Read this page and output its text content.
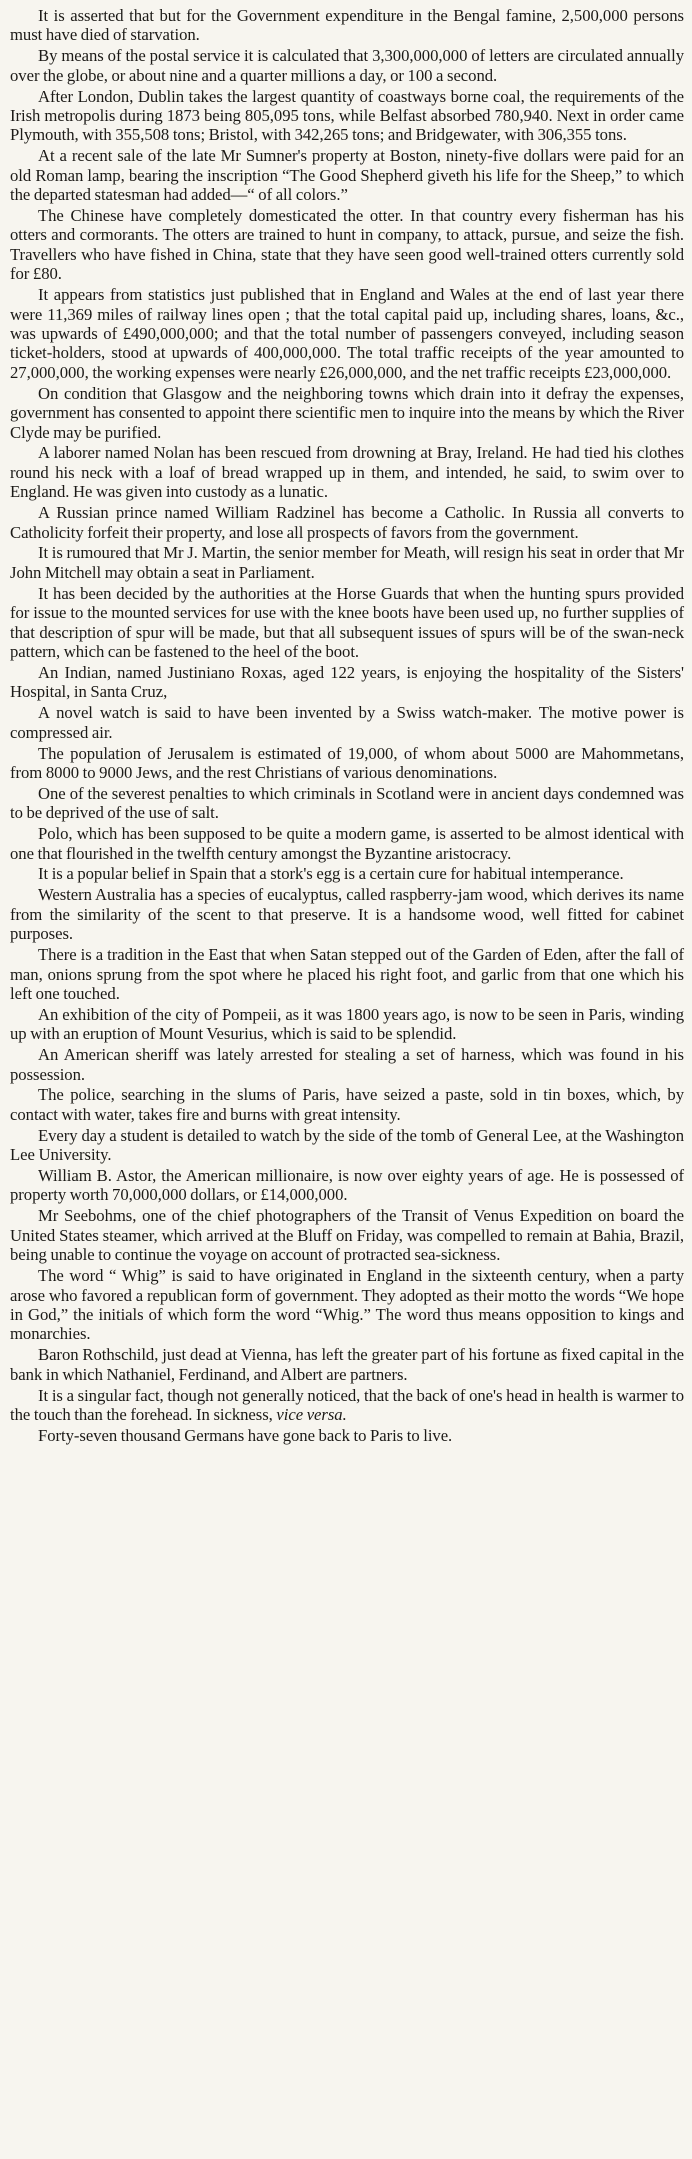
It is asserted that but for the Government expenditure in the Bengal famine, 2,500,000 persons must have died of starvation.

By means of the postal service it is calculated that 3,300,000,000 of letters are circulated annually over the globe, or about nine and a quarter millions a day, or 100 a second.

After London, Dublin takes the largest quantity of coastways borne coal, the requirements of the Irish metropolis during 1873 being 805,095 tons, while Belfast absorbed 780,940. Next in order came Plymouth, with 355,508 tons; Bristol, with 342,265 tons; and Bridgewater, with 306,355 tons.

At a recent sale of the late Mr Sumner's property at Boston, ninety-five dollars were paid for an old Roman lamp, bearing the inscription “The Good Shepherd giveth his life for the Sheep,” to which the departed statesman had added—“ of all colors.”

The Chinese have completely domesticated the otter. In that country every fisherman has his otters and cormorants. The otters are trained to hunt in company, to attack, pursue, and seize the fish. Travellers who have fished in China, state that they have seen good well-trained otters currently sold for £80.

It appears from statistics just published that in England and Wales at the end of last year there were 11,369 miles of railway lines open ; that the total capital paid up, including shares, loans, &c., was upwards of £490,000,000; and that the total number of passengers conveyed, including season ticket-holders, stood at upwards of 400,000,000. The total traffic receipts of the year amounted to 27,000,000, the working expenses were nearly £26,000,000, and the net traffic receipts £23,000,000.

On condition that Glasgow and the neighboring towns which drain into it defray the expenses, government has consented to appoint there scientific men to inquire into the means by which the River Clyde may be purified.

A laborer named Nolan has been rescued from drowning at Bray, Ireland. He had tied his clothes round his neck with a loaf of bread wrapped up in them, and intended, he said, to swim over to England. He was given into custody as a lunatic.

A Russian prince named William Radzinel has become a Catholic. In Russia all converts to Catholicity forfeit their property, and lose all prospects of favors from the government.

It is rumoured that Mr J. Martin, the senior member for Meath, will resign his seat in order that Mr John Mitchell may obtain a seat in Parliament.

It has been decided by the authorities at the Horse Guards that when the hunting spurs provided for issue to the mounted services for use with the knee boots have been used up, no further supplies of that description of spur will be made, but that all subsequent issues of spurs will be of the swan-neck pattern, which can be fastened to the heel of the boot.

An Indian, named Justiniano Roxas, aged 122 years, is enjoying the hospitality of the Sisters' Hospital, in Santa Cruz,

A novel watch is said to have been invented by a Swiss watch-maker. The motive power is compressed air.

The population of Jerusalem is estimated of 19,000, of whom about 5000 are Mahommetans, from 8000 to 9000 Jews, and the rest Christians of various denominations.

One of the severest penalties to which criminals in Scotland were in ancient days condemned was to be deprived of the use of salt.

Polo, which has been supposed to be quite a modern game, is asserted to be almost identical with one that flourished in the twelfth century amongst the Byzantine aristocracy.

It is a popular belief in Spain that a stork's egg is a certain cure for habitual intemperance.

Western Australia has a species of eucalyptus, called raspberry-jam wood, which derives its name from the similarity of the scent to that preserve. It is a handsome wood, well fitted for cabinet purposes.

There is a tradition in the East that when Satan stepped out of the Garden of Eden, after the fall of man, onions sprung from the spot where he placed his right foot, and garlic from that one which his left one touched.

An exhibition of the city of Pompeii, as it was 1800 years ago, is now to be seen in Paris, winding up with an eruption of Mount Vesurius, which is said to be splendid.

An American sheriff was lately arrested for stealing a set of harness, which was found in his possession.

The police, searching in the slums of Paris, have seized a paste, sold in tin boxes, which, by contact with water, takes fire and burns with great intensity.

Every day a student is detailed to watch by the side of the tomb of General Lee, at the Washington Lee University.

William B. Astor, the American millionaire, is now over eighty years of age. He is possessed of property worth 70,000,000 dollars, or £14,000,000.

Mr Seebohms, one of the chief photographers of the Transit of Venus Expedition on board the United States steamer, which arrived at the Bluff on Friday, was compelled to remain at Bahia, Brazil, being unable to continue the voyage on account of protracted sea-sickness.

The word “ Whig” is said to have originated in England in the sixteenth century, when a party arose who favored a republican form of government. They adopted as their motto the words “We hope in God,” the initials of which form the word “Whig.” The word thus means opposition to kings and monarchies.

Baron Rothschild, just dead at Vienna, has left the greater part of his fortune as fixed capital in the bank in which Nathaniel, Ferdinand, and Albert are partners.

It is a singular fact, though not generally noticed, that the back of one's head in health is warmer to the touch than the forehead. In sickness, vice versa.

Forty-seven thousand Germans have gone back to Paris to live.
